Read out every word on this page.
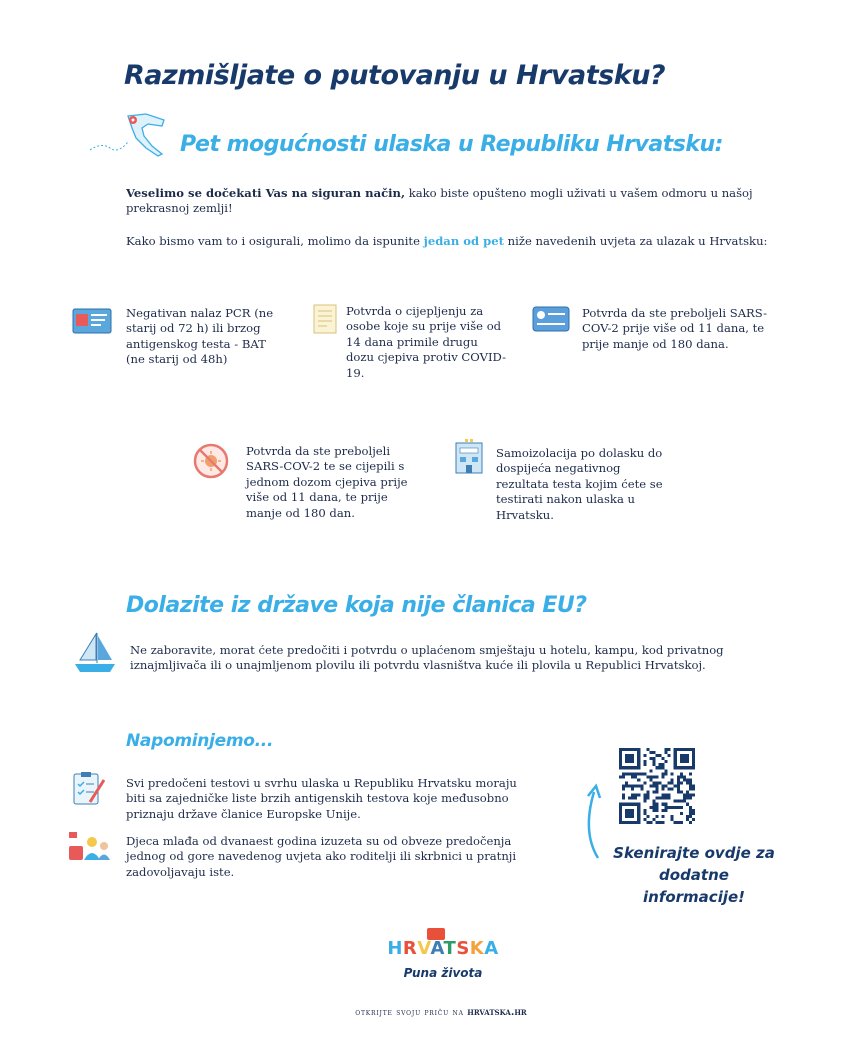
Razmišljate o putovanju u Hrvatsku?
Pet mogućnosti ulaska u Republiku Hrvatsku:
Veselimo se dočekati Vas na siguran način, kako biste opušteno mogli uživati u vašem odmoru u našoj prekrasnoj zemlji!
Kako bismo vam to i osigurali, molimo da ispunite jedan od pet niže navedenih uvjeta za ulazak u Hrvatsku:
Negativan nalaz PCR (ne starij od 72 h) ili brzog antigenskog testa - BAT (ne starij od 48h)
Potvrda o cijepljenju za osobe koje su prije više od 14 dana primile drugu dozu cjepiva protiv COVID-19.
Potvrda da ste preboljeli SARS-COV-2 prije više od 11 dana, te prije manje od 180 dana.
Potvrda da ste preboljeli SARS-COV-2 te se cijepili s jednom dozom cjepiva prije više od 11 dana, te prije manje od 180 dan.
Samoizolacija po dolasku do dospijeća negativnog rezultata testa kojim ćete se testirati nakon ulaska u Hrvatsku.
Dolazite iz države koja nije članica EU?
Ne zaboravite, morat ćete predočiti i potvrdu o uplaćenom smještaju u hotelu, kampu, kod privatnog iznajmljivača ili o unajmljenom plovilu ili potvrdu vlasništva kuće ili plovila u Republici Hrvatskoj.
Napominjemo...
Svi predočeni testovi u svrhu ulaska u Republiku Hrvatsku moraju biti sa zajedničke liste brzih antigenskih testova koje međusobno priznaju države članice Europske Unije.
Djeca mlađa od dvanaest godina izuzeta su od obveze predočenja jednog od gore navedenog uvjeta ako roditelji ili skrbnici u pratnji zadovoljavaju iste.
Skenirajte ovdje za
dodatne informacije!
HRVATSKA
Puna života
otkrijte svoju priču na hrvatska.hr
